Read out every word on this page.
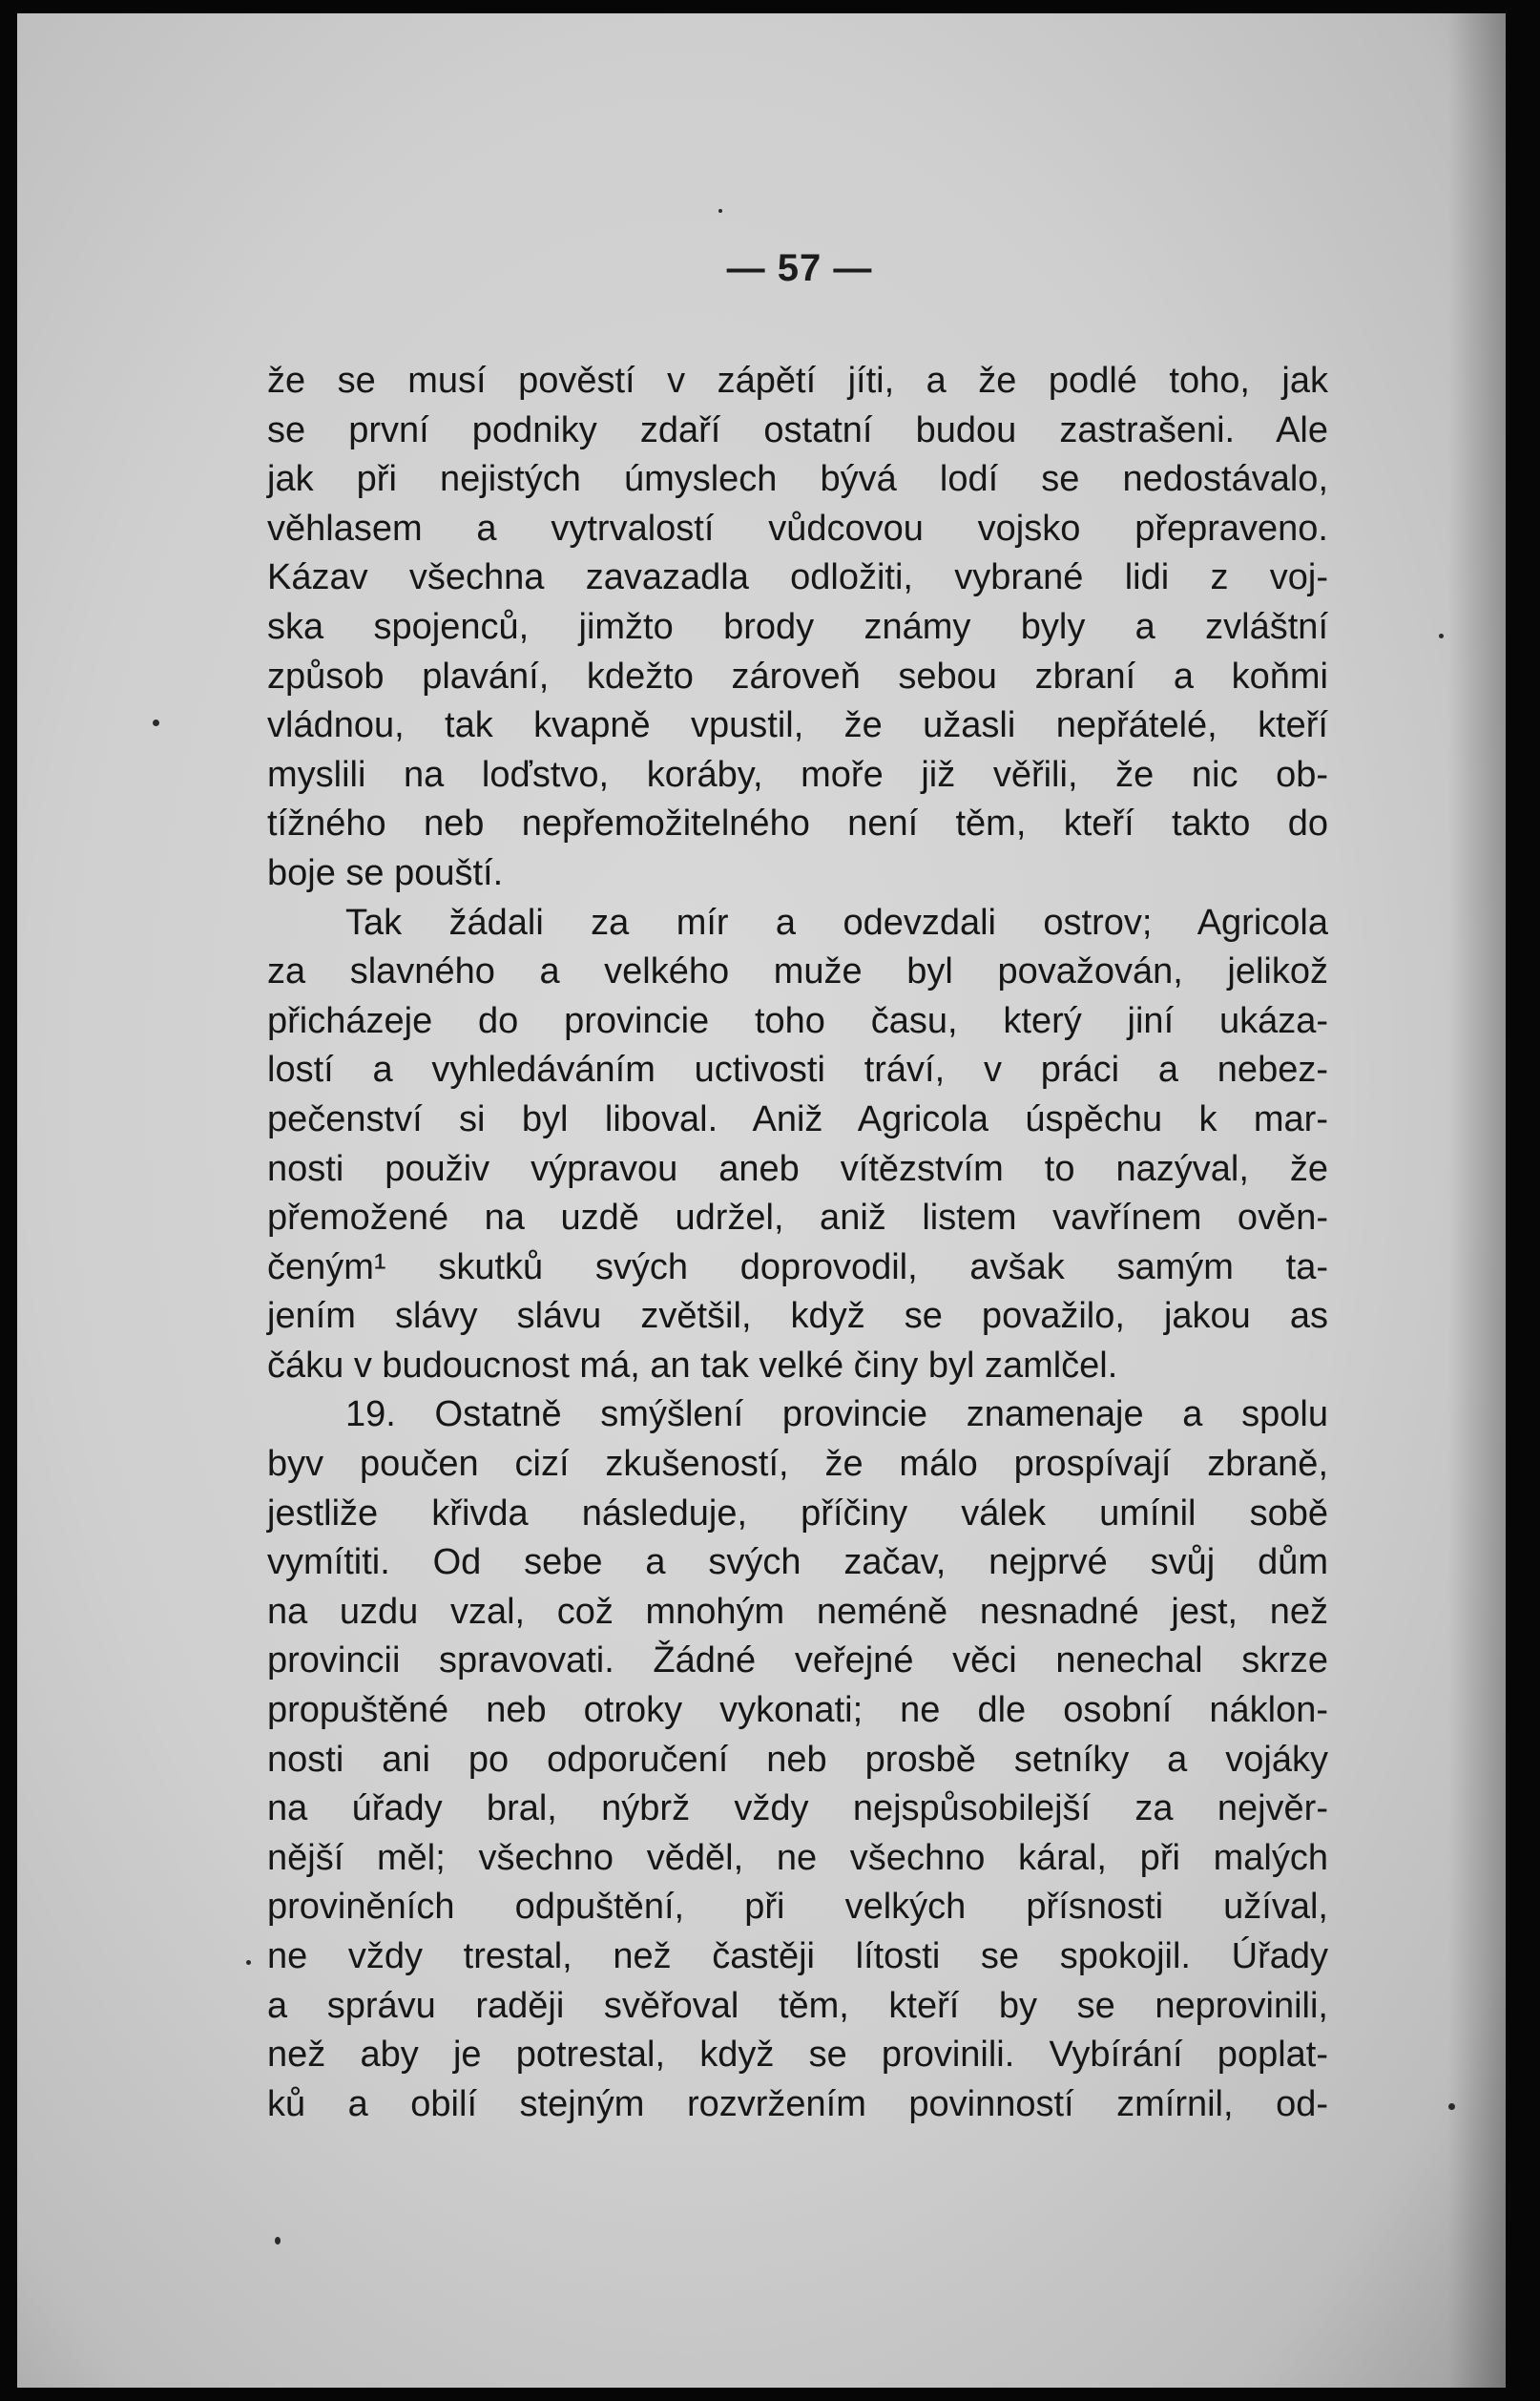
— 57 —
že se musí pověstí v zápětí jíti, a že podlé toho, jak
se první podniky zdaří ostatní budou zastrašeni. Ale
jak při nejistých úmyslech bývá lodí se nedostávalo,
věhlasem a vytrvalostí vůdcovou vojsko přepraveno.
Kázav všechna zavazadla odložiti, vybrané lidi z voj-
ska spojenců, jimžto brody známy byly a zvláštní
způsob plavání, kdežto zároveň sebou zbraní a koňmi
vládnou, tak kvapně vpustil, že užasli nepřátelé, kteří
myslili na loďstvo, koráby, moře již věřili, že nic ob-
tížného neb nepřemožitelného není těm, kteří takto do
boje se pouští.
Tak žádali za mír a odevzdali ostrov; Agricola
za slavného a velkého muže byl považován, jelikož
přicházeje do provincie toho času, který jiní ukáza-
lostí a vyhledáváním uctivosti tráví, v práci a nebez-
pečenství si byl liboval. Aniž Agricola úspěchu k mar-
nosti použiv výpravou aneb vítězstvím to nazýval, že
přemožené na uzdě udržel, aniž listem vavřínem ověn-
čeným¹ skutků svých doprovodil, avšak samým ta-
jením slávy slávu zvětšil, když se považilo, jakou as
čáku v budoucnost má, an tak velké činy byl zamlčel.
19. Ostatně smýšlení provincie znamenaje a spolu
byv poučen cizí zkušeností, že málo prospívají zbraně,
jestliže křivda následuje, příčiny válek umínil sobě
vymítiti. Od sebe a svých začav, nejprvé svůj dům
na uzdu vzal, což mnohým neméně nesnadné jest, než
provincii spravovati. Žádné veřejné věci nenechal skrze
propuštěné neb otroky vykonati; ne dle osobní náklon-
nosti ani po odporučení neb prosbě setníky a vojáky
na úřady bral, nýbrž vždy nejspůsobilejší za nejvěr-
nější měl; všechno věděl, ne všechno káral, při malých
proviněních odpuštění, při velkých přísnosti užíval,
ne vždy trestal, než častěji lítosti se spokojil. Úřady
a správu raději svěřoval těm, kteří by se neprovinili,
než aby je potrestal, když se provinili. Vybírání poplat-
ků a obilí stejným rozvržením povinností zmírnil, od-
